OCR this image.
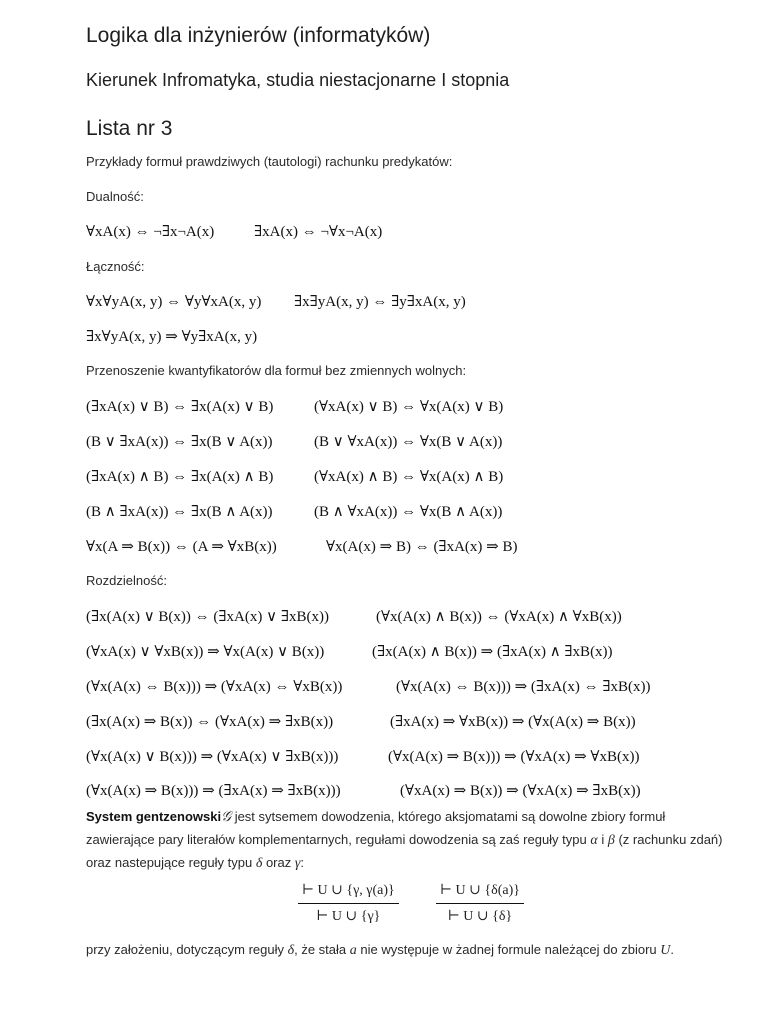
Logika dla inżynierów (informatyków)
Kierunek Infromatyka, studia niestacjonarne I stopnia
Lista nr 3
Przykłady formuł prawdziwych (tautologi) rachunku predykatów:
Dualność:
∀xA(x) ⇔ ¬∃x¬A(x)	∃xA(x) ⇔ ¬∀x¬A(x)
Łączność:
∀x∀yA(x, y) ⇔ ∀y∀xA(x, y) ∃x∃yA(x, y) ⇔ ∃y∃xA(x, y)
∃x∀yA(x, y) ⇒ ∀y∃xA(x, y)
Przenoszenie kwantyfikatorów dla formuł bez zmiennych wolnych:
(∃xA(x) ∨ B) ⇔ ∃x(A(x) ∨ B)	(∀xA(x) ∨ B) ⇔ ∀x(A(x) ∨ B)
(B ∨ ∃xA(x)) ⇔ ∃x(B ∨ A(x))	(B ∨ ∀xA(x)) ⇔ ∀x(B ∨ A(x))
(∃xA(x) ∧ B) ⇔ ∃x(A(x) ∧ B)	(∀xA(x) ∧ B) ⇔ ∀x(A(x) ∧ B)
(B ∧ ∃xA(x)) ⇔ ∃x(B ∧ A(x))	(B ∧ ∀xA(x)) ⇔ ∀x(B ∧ A(x))
∀x(A ⇒ B(x)) ⇔ (A ⇒ ∀xB(x))	∀x(A(x) ⇒ B) ⇔ (∃xA(x) ⇒ B)
Rozdzielność:
(∃x(A(x) ∨ B(x)) ⇔ (∃xA(x) ∨ ∃xB(x))	(∀x(A(x) ∧ B(x)) ⇔ (∀xA(x) ∧ ∀xB(x))
(∀xA(x) ∨ ∀xB(x)) ⇒ ∀x(A(x) ∨ B(x))	(∃x(A(x) ∧ B(x)) ⇒ (∃xA(x) ∧ ∃xB(x))
(∀x(A(x) ⇔ B(x))) ⇒ (∀xA(x) ⇔ ∀xB(x))	(∀x(A(x) ⇔ B(x))) ⇒ (∃xA(x) ⇔ ∃xB(x))
(∃x(A(x) ⇒ B(x)) ⇔ (∀xA(x) ⇒ ∃xB(x))	(∃xA(x) ⇒ ∀xB(x)) ⇒ (∀x(A(x) ⇒ B(x))
(∀x(A(x) ∨ B(x))) ⇒ (∀xA(x) ∨ ∃xB(x)))	(∀x(A(x) ⇒ B(x))) ⇒ (∀xA(x) ⇒ ∀xB(x))
(∀x(A(x) ⇒ B(x))) ⇒ (∃xA(x) ⇒ ∃xB(x)))	(∀xA(x) ⇒ B(x)) ⇒ (∀xA(x) ⇒ ∃xB(x))
System gentzenowski𝒢 jest sytsemem dowodzenia, którego aksjomatami są dowolne zbiory formuł zawierające pary literałów komplementarnych, regułami dowodzenia są zaś reguły typu α i β (z rachunku zdań) oraz nastepujące reguły typu δ oraz γ:
⊢ U ∪ {γ, γ(a)}
⊢ U ∪ {γ}
⊢ U ∪ {δ(a)}
⊢ U ∪ {δ}
przy założeniu, dotyczącym reguły δ, że stała a nie występuje w żadnej formule należącej do zbioru U.
